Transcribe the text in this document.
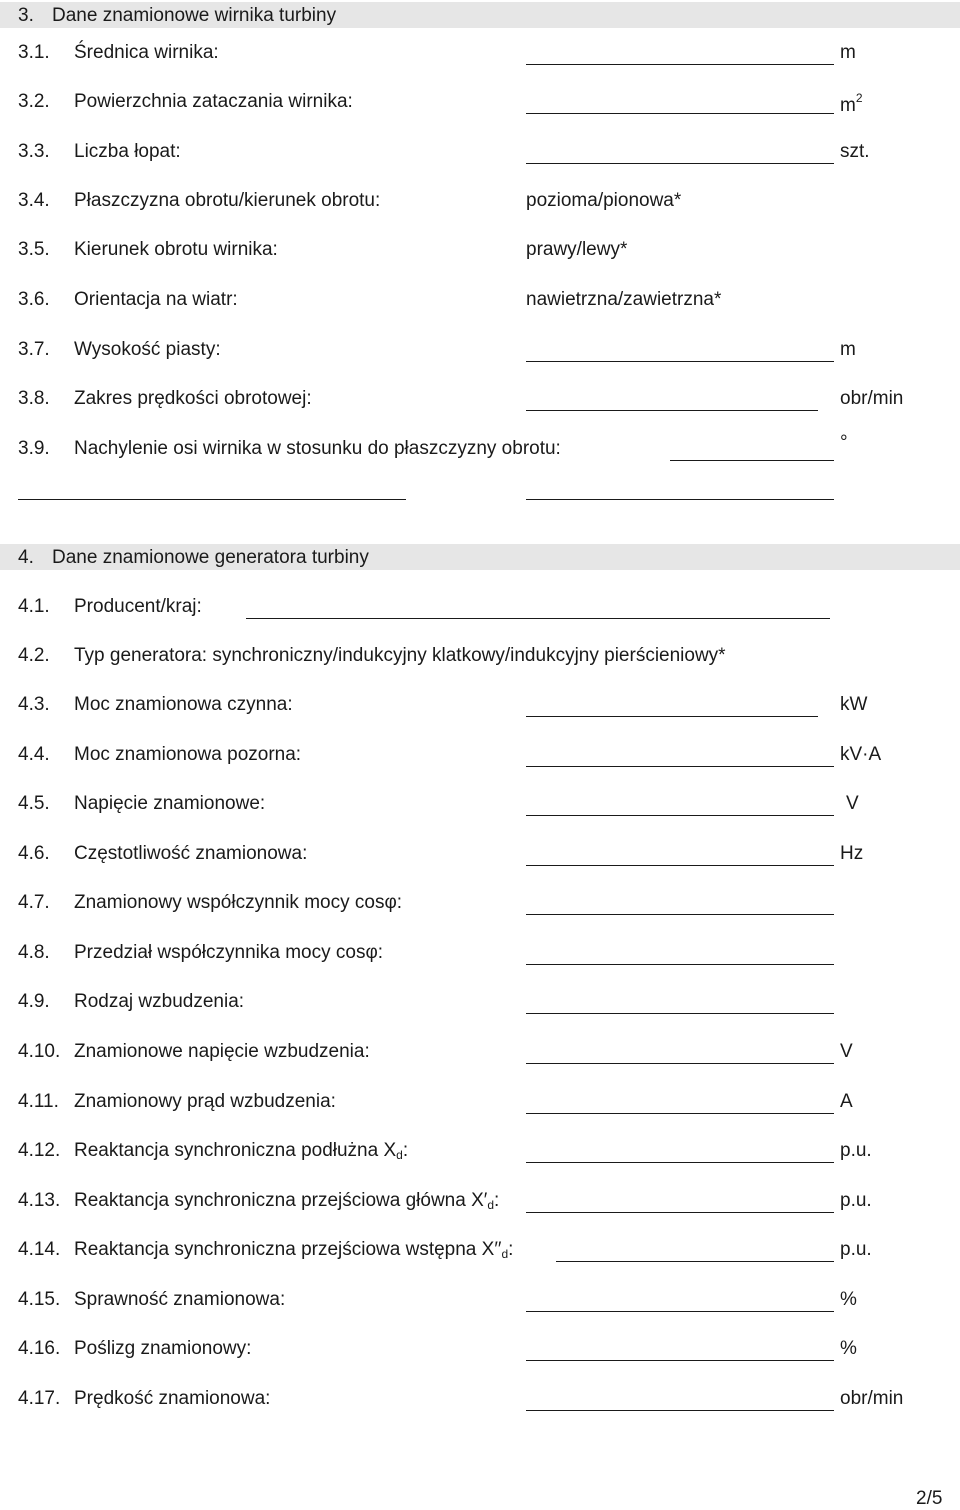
3. Dane znamionowe wirnika turbiny
3.1. Średnica wirnika:	m
3.2. Powierzchnia zataczania wirnika:	$m^2$
3.3. Liczba łopat:	szt.
3.4. Płaszczyzna obrotu/kierunek obrotu:	pozioma/pionowa*
3.5. Kierunek obrotu wirnika:	prawy/lewy*
3.6. Orientacja na wiatr:	nawietrzna/zawietrzna*
3.7. Wysokość piasty:	m
3.8. Zakres prędkości obrotowej:	obr/min
3.9. Nachylenie osi wirnika w stosunku do płaszczyzny obrotu:	°
4. Dane znamionowe generatora turbiny
4.1. Producent/kraj:
4.2. Typ generatora: synchroniczny/indukcyjny klatkowy/indukcyjny pierścieniowy*
4.3. Moc znamionowa czynna:	kW
4.4. Moc znamionowa pozorna:	kV·A
4.5. Napięcie znamionowe:	V
4.6. Częstotliwość znamionowa:	Hz
4.7. Znamionowy współczynnik mocy cosφ:
4.8. Przedział współczynnika mocy cosφ:
4.9. Rodzaj wzbudzenia:
4.10. Znamionowe napięcie wzbudzenia:	V
4.11. Znamionowy prąd wzbudzenia:	A
4.12. Reaktancja synchroniczna podłużna $X_d$:	p.u.
4.13. Reaktancja synchroniczna przejściowa główna $X'_d$:	p.u.
4.14. Reaktancja synchroniczna przejściowa wstępna $X''_d$:	p.u.
4.15. Sprawność znamionowa:	%
4.16. Poślizg znamionowy:	%
4.17. Prędkość znamionowa:	obr/min
2/5
